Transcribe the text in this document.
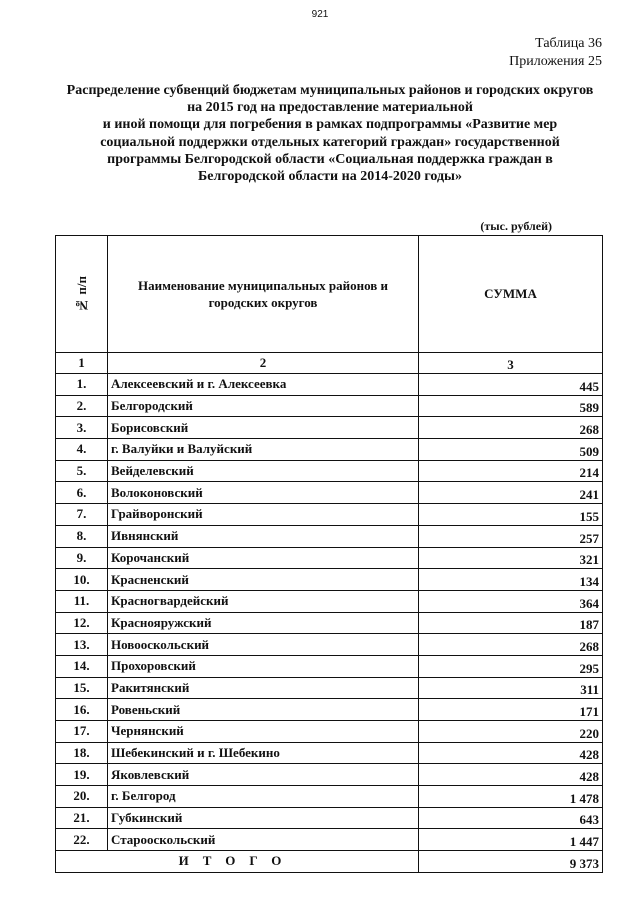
921
Таблица 36
Приложения 25
Распределение субвенций бюджетам муниципальных районов и городских округов
на 2015 год на предоставление материальной
и иной помощи для погребения в рамках подпрограммы «Развитие мер
социальной поддержки отдельных категорий граждан» государственной
программы Белгородской области «Социальная поддержка граждан в
Белгородской области на 2014-2020 годы»
(тыс. рублей)
№ п/п	Наименование муниципальных районов и городских округов	СУММА
1	2	3
1.	Алексеевский и г. Алексеевка	445
2.	Белгородский	589
3.	Борисовский	268
4.	г. Валуйки и Валуйский	509
5.	Вейделевский	214
6.	Волоконовский	241
7.	Грайворонский	155
8.	Ивнянский	257
9.	Корочанский	321
10.	Красненский	134
11.	Красногвардейский	364
12.	Краснояружский	187
13.	Новооскольский	268
14.	Прохоровский	295
15.	Ракитянский	311
16.	Ровеньский	171
17.	Чернянский	220
18.	Шебекинский и г. Шебекино	428
19.	Яковлевский	428
20.	г. Белгород	1 478
21.	Губкинский	643
22.	Старооскольский	1 447
ИТОГО		9 373
